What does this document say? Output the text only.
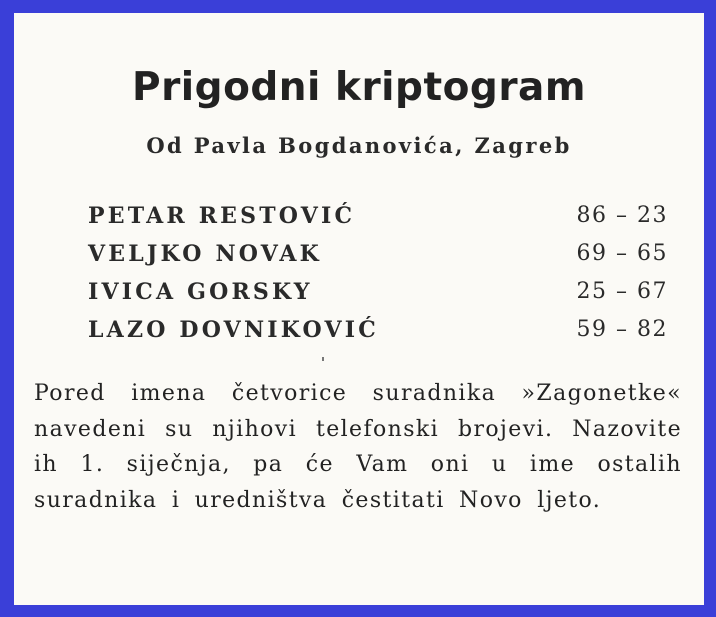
Prigodni kriptogram

Od Pavla Bogdanovića, Zagreb

PETAR RESTOVIĆ	86 – 23
VELJKO NOVAK	69 – 65
IVICA GORSKY	25 – 67
LAZO DOVNIKOVIĆ	59 – 82

Pored imena četvorice suradnika »Zagonetke« navedeni su njihovi telefonski brojevi. Nazovite ih 1. siječnja, pa će Vam oni u ime ostalih suradnika i uredništva čestitati Novo ljeto.
